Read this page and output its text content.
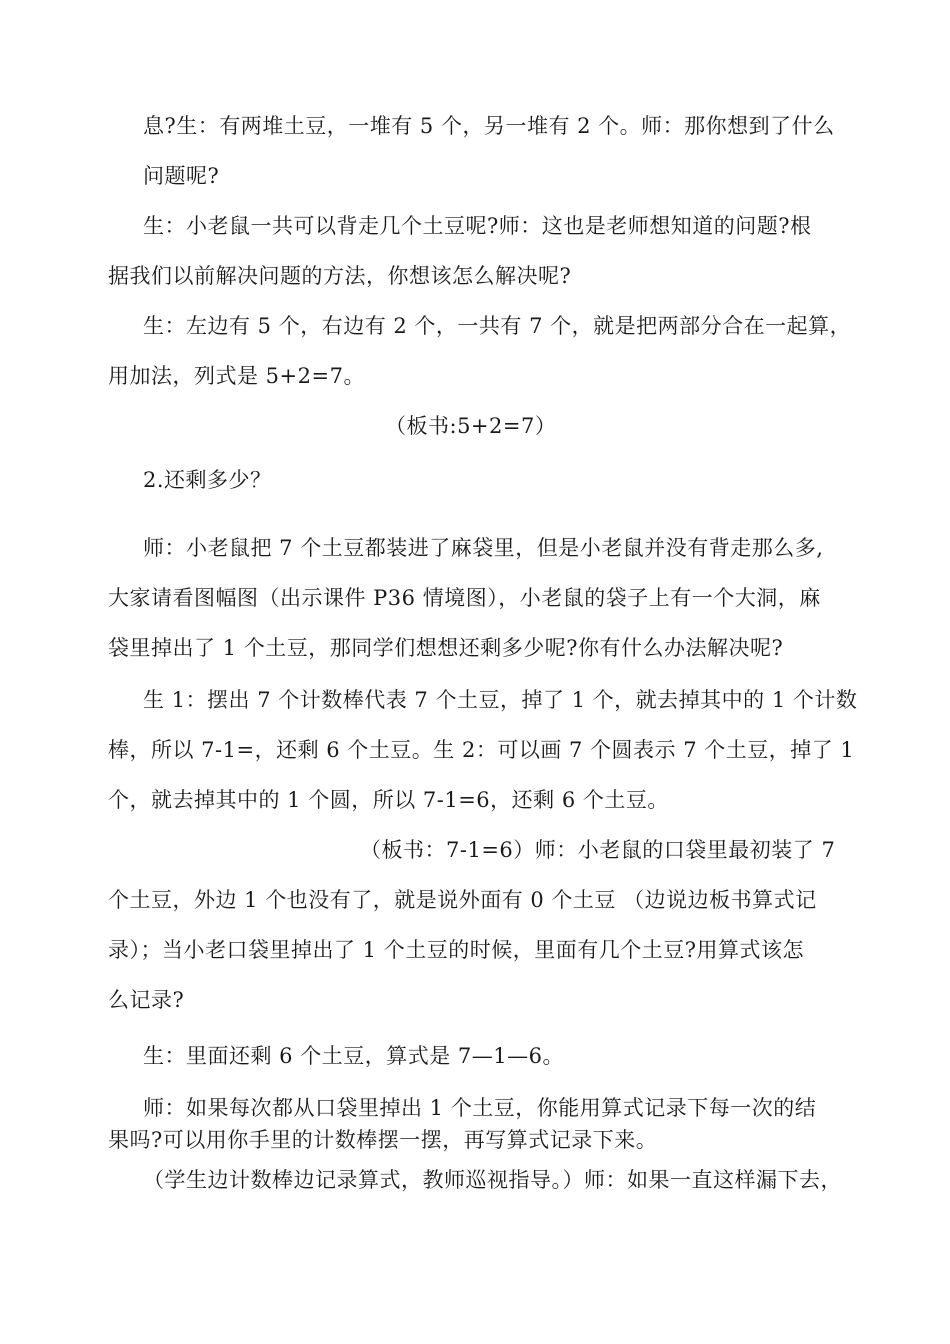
息?生：有两堆土豆，一堆有 5 个，另一堆有 2 个。师：那你想到了什么
问题呢?
生：小老鼠一共可以背走几个土豆呢?师：这也是老师想知道的问题?根
据我们以前解决问题的方法，你想该怎么解决呢?
生：左边有 5 个，右边有 2 个，一共有 7 个，就是把两部分合在一起算，
用加法，列式是 5+2=7。
（板书:5+2=7）
2.还剩多少？
师：小老鼠把 7 个土豆都装进了麻袋里，但是小老鼠并没有背走那么多,
大家请看图幅图（出示课件 P36 情境图），小老鼠的袋子上有一个大洞，麻
袋里掉出了 1 个土豆，那同学们想想还剩多少呢?你有什么办法解决呢?
生 1：摆出 7 个计数棒代表 7 个土豆，掉了 1 个，就去掉其中的 1 个计数
棒，所以 7-1=，还剩 6 个土豆。生 2：可以画 7 个圆表示 7 个土豆，掉了 1
个，就去掉其中的 1 个圆，所以 7-1=6，还剩 6 个土豆。
（板书：7-1=6）师：小老鼠的口袋里最初装了 7
个土豆，外边 1 个也没有了，就是说外面有 0 个土豆 （边说边板书算式记
录）；当小老口袋里掉出了 1 个土豆的时候，里面有几个土豆?用算式该怎
么记录?
生：里面还剩 6 个土豆，算式是 7—1—6。
师：如果每次都从口袋里掉出 1 个土豆，你能用算式记录下每一次的结
果吗?可以用你手里的计数棒摆一摆，再写算式记录下来。
（学生边计数棒边记录算式，教师巡视指导。）师：如果一直这样漏下去，
